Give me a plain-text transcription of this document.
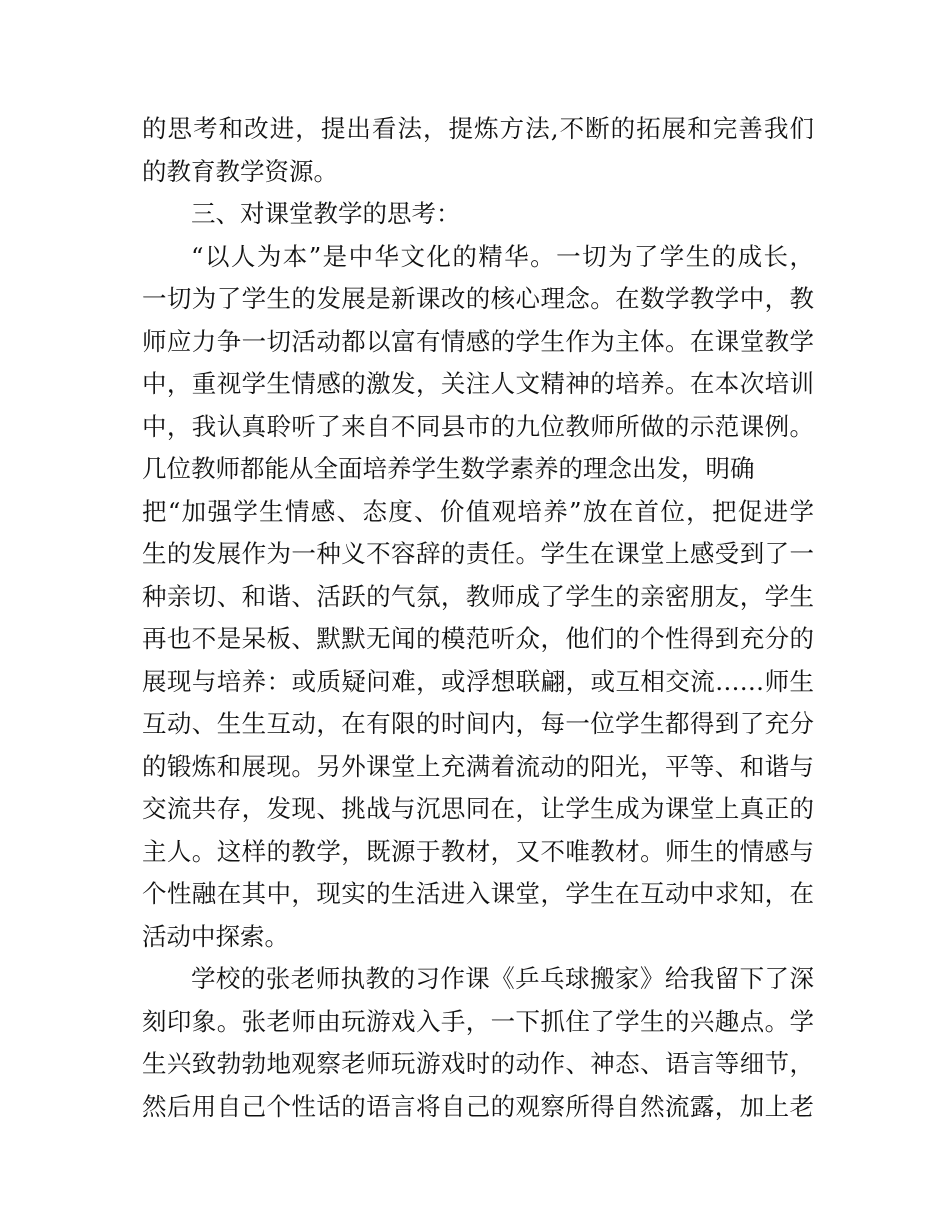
的思考和改进，提出看法，提炼方法,不断的拓展和完善我们
的教育教学资源。
三、对课堂教学的思考：
“以人为本”是中华文化的精华。一切为了学生的成长，
一切为了学生的发展是新课改的核心理念。在数学教学中，教
师应力争一切活动都以富有情感的学生作为主体。在课堂教学
中，重视学生情感的激发，关注人文精神的培养。在本次培训
中，我认真聆听了来自不同县市的九位教师所做的示范课例。
几位教师都能从全面培养学生数学素养的理念出发，明确
把“加强学生情感、态度、价值观培养”放在首位，把促进学
生的发展作为一种义不容辞的责任。学生在课堂上感受到了一
种亲切、和谐、活跃的气氛，教师成了学生的亲密朋友，学生
再也不是呆板、默默无闻的模范听众，他们的个性得到充分的
展现与培养：或质疑问难，或浮想联翩，或互相交流……师生
互动、生生互动，在有限的时间内，每一位学生都得到了充分
的锻炼和展现。另外课堂上充满着流动的阳光，平等、和谐与
交流共存，发现、挑战与沉思同在，让学生成为课堂上真正的
主人。这样的教学，既源于教材，又不唯教材。师生的情感与
个性融在其中，现实的生活进入课堂，学生在互动中求知，在
活动中探索。
学校的张老师执教的习作课《乒乓球搬家》给我留下了深
刻印象。张老师由玩游戏入手，一下抓住了学生的兴趣点。学
生兴致勃勃地观察老师玩游戏时的动作、神态、语言等细节，
然后用自己个性话的语言将自己的观察所得自然流露，加上老
